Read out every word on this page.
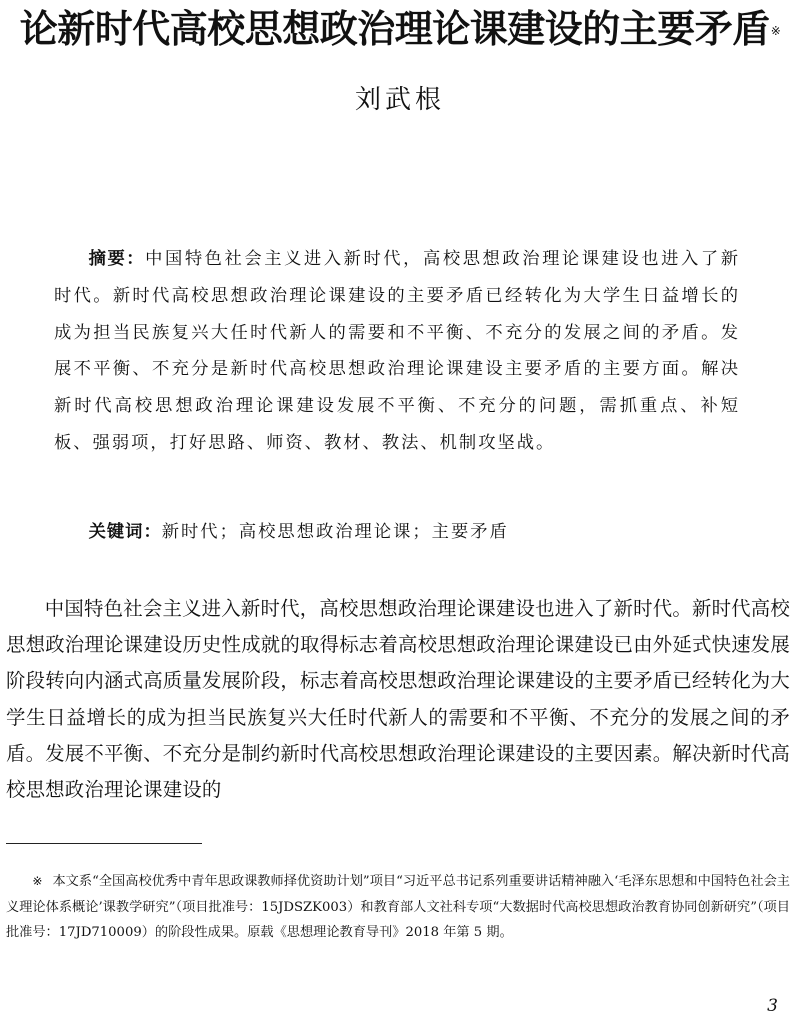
论新时代高校思想政治理论课建设的主要矛盾※
刘武根
摘要：中国特色社会主义进入新时代，高校思想政治理论课建设也进入了新时代。新时代高校思想政治理论课建设的主要矛盾已经转化为大学生日益增长的成为担当民族复兴大任时代新人的需要和不平衡、不充分的发展之间的矛盾。发展不平衡、不充分是新时代高校思想政治理论课建设主要矛盾的主要方面。解决新时代高校思想政治理论课建设发展不平衡、不充分的问题，需抓重点、补短板、强弱项，打好思路、师资、教材、教法、机制攻坚战。
关键词：新时代；高校思想政治理论课；主要矛盾
中国特色社会主义进入新时代，高校思想政治理论课建设也进入了新时代。新时代高校思想政治理论课建设历史性成就的取得标志着高校思想政治理论课建设已由外延式快速发展阶段转向内涵式高质量发展阶段，标志着高校思想政治理论课建设的主要矛盾已经转化为大学生日益增长的成为担当民族复兴大任时代新人的需要和不平衡、不充分的发展之间的矛盾。发展不平衡、不充分是制约新时代高校思想政治理论课建设的主要因素。解决新时代高校思想政治理论课建设的
※ 本文系“全国高校优秀中青年思政课教师择优资助计划”项目“习近平总书记系列重要讲话精神融入‘毛泽东思想和中国特色社会主义理论体系概论’课教学研究”（项目批准号：15JDSZK003）和教育部人文社科专项“大数据时代高校思想政治教育协同创新研究”（项目批准号：17JD710009）的阶段性成果。原载《思想理论教育导刊》2018 年第 5 期。
3
